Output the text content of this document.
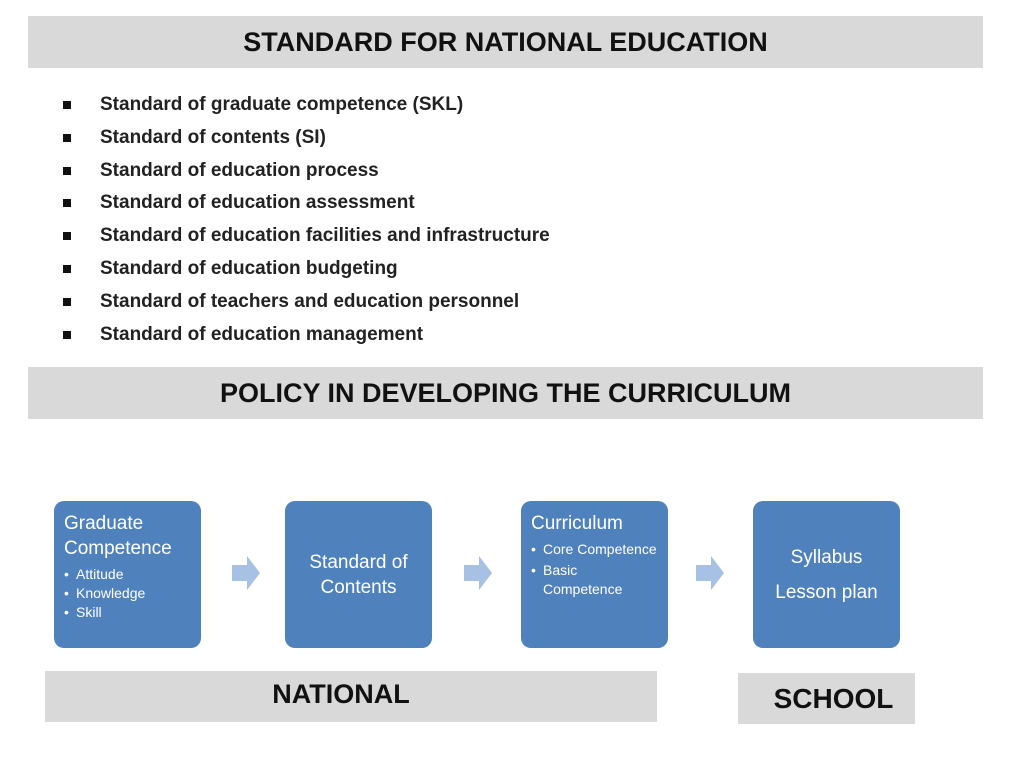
STANDARD FOR NATIONAL EDUCATION
Standard of graduate competence (SKL)
Standard of contents (SI)
Standard of education process
Standard of education assessment
Standard of education facilities and infrastructure
Standard of education budgeting
Standard of teachers and education personnel
Standard of education management
POLICY IN DEVELOPING THE CURRICULUM
Graduate Competence
• Attitude
• Knowledge
• Skill
Standard of Contents
Curriculum
• Core Competence
• Basic Competence
Syllabus
Lesson plan
NATIONAL	SCHOOL
